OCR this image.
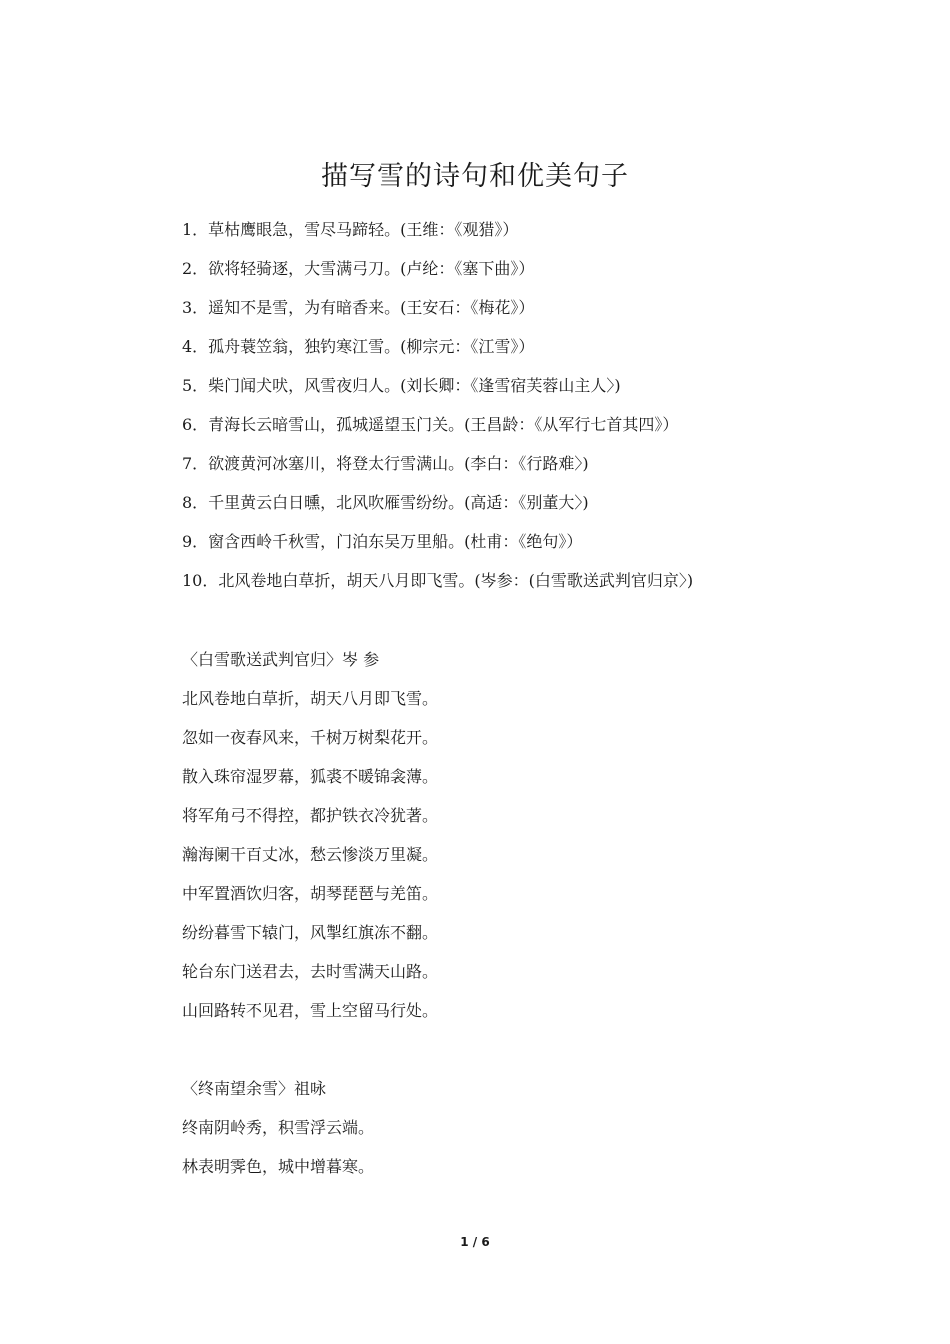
描写雪的诗句和优美句子
1．草枯鹰眼急，雪尽马蹄轻。(王维：《观猎》）
2．欲将轻骑逐，大雪满弓刀。(卢纶：《塞下曲》）
3．遥知不是雪，为有暗香来。(王安石：《梅花》）
4．孤舟蓑笠翁，独钓寒江雪。(柳宗元：《江雪》）
5．柴门闻犬吠，风雪夜归人。(刘长卿：《逢雪宿芙蓉山主人〉)
6．青海长云暗雪山，孤城遥望玉门关。(王昌龄：《从军行七首其四》）
7．欲渡黄河冰塞川，将登太行雪满山。(李白：《行路难〉)
8．千里黄云白日曛，北风吹雁雪纷纷。(高适：《别董大〉)
9．窗含西岭千秋雪，门泊东吴万里船。(杜甫：《绝句》）
10．北风卷地白草折，胡天八月即飞雪。(岑参：(白雪歌送武判官归京〉)
〈白雪歌送武判官归〉岑 参
北风卷地白草折，胡天八月即飞雪。
忽如一夜春风来，千树万树梨花开。
散入珠帘湿罗幕，狐裘不暖锦衾薄。
将军角弓不得控，都护铁衣冷犹著。
瀚海阑干百丈冰，愁云惨淡万里凝。
中军置酒饮归客，胡琴琵琶与羌笛。
纷纷暮雪下辕门，风掣红旗冻不翻。
轮台东门送君去，去时雪满天山路。
山回路转不见君，雪上空留马行处。
〈终南望余雪〉祖咏
终南阴岭秀，积雪浮云端。
林表明霁色，城中增暮寒。
1 / 6
